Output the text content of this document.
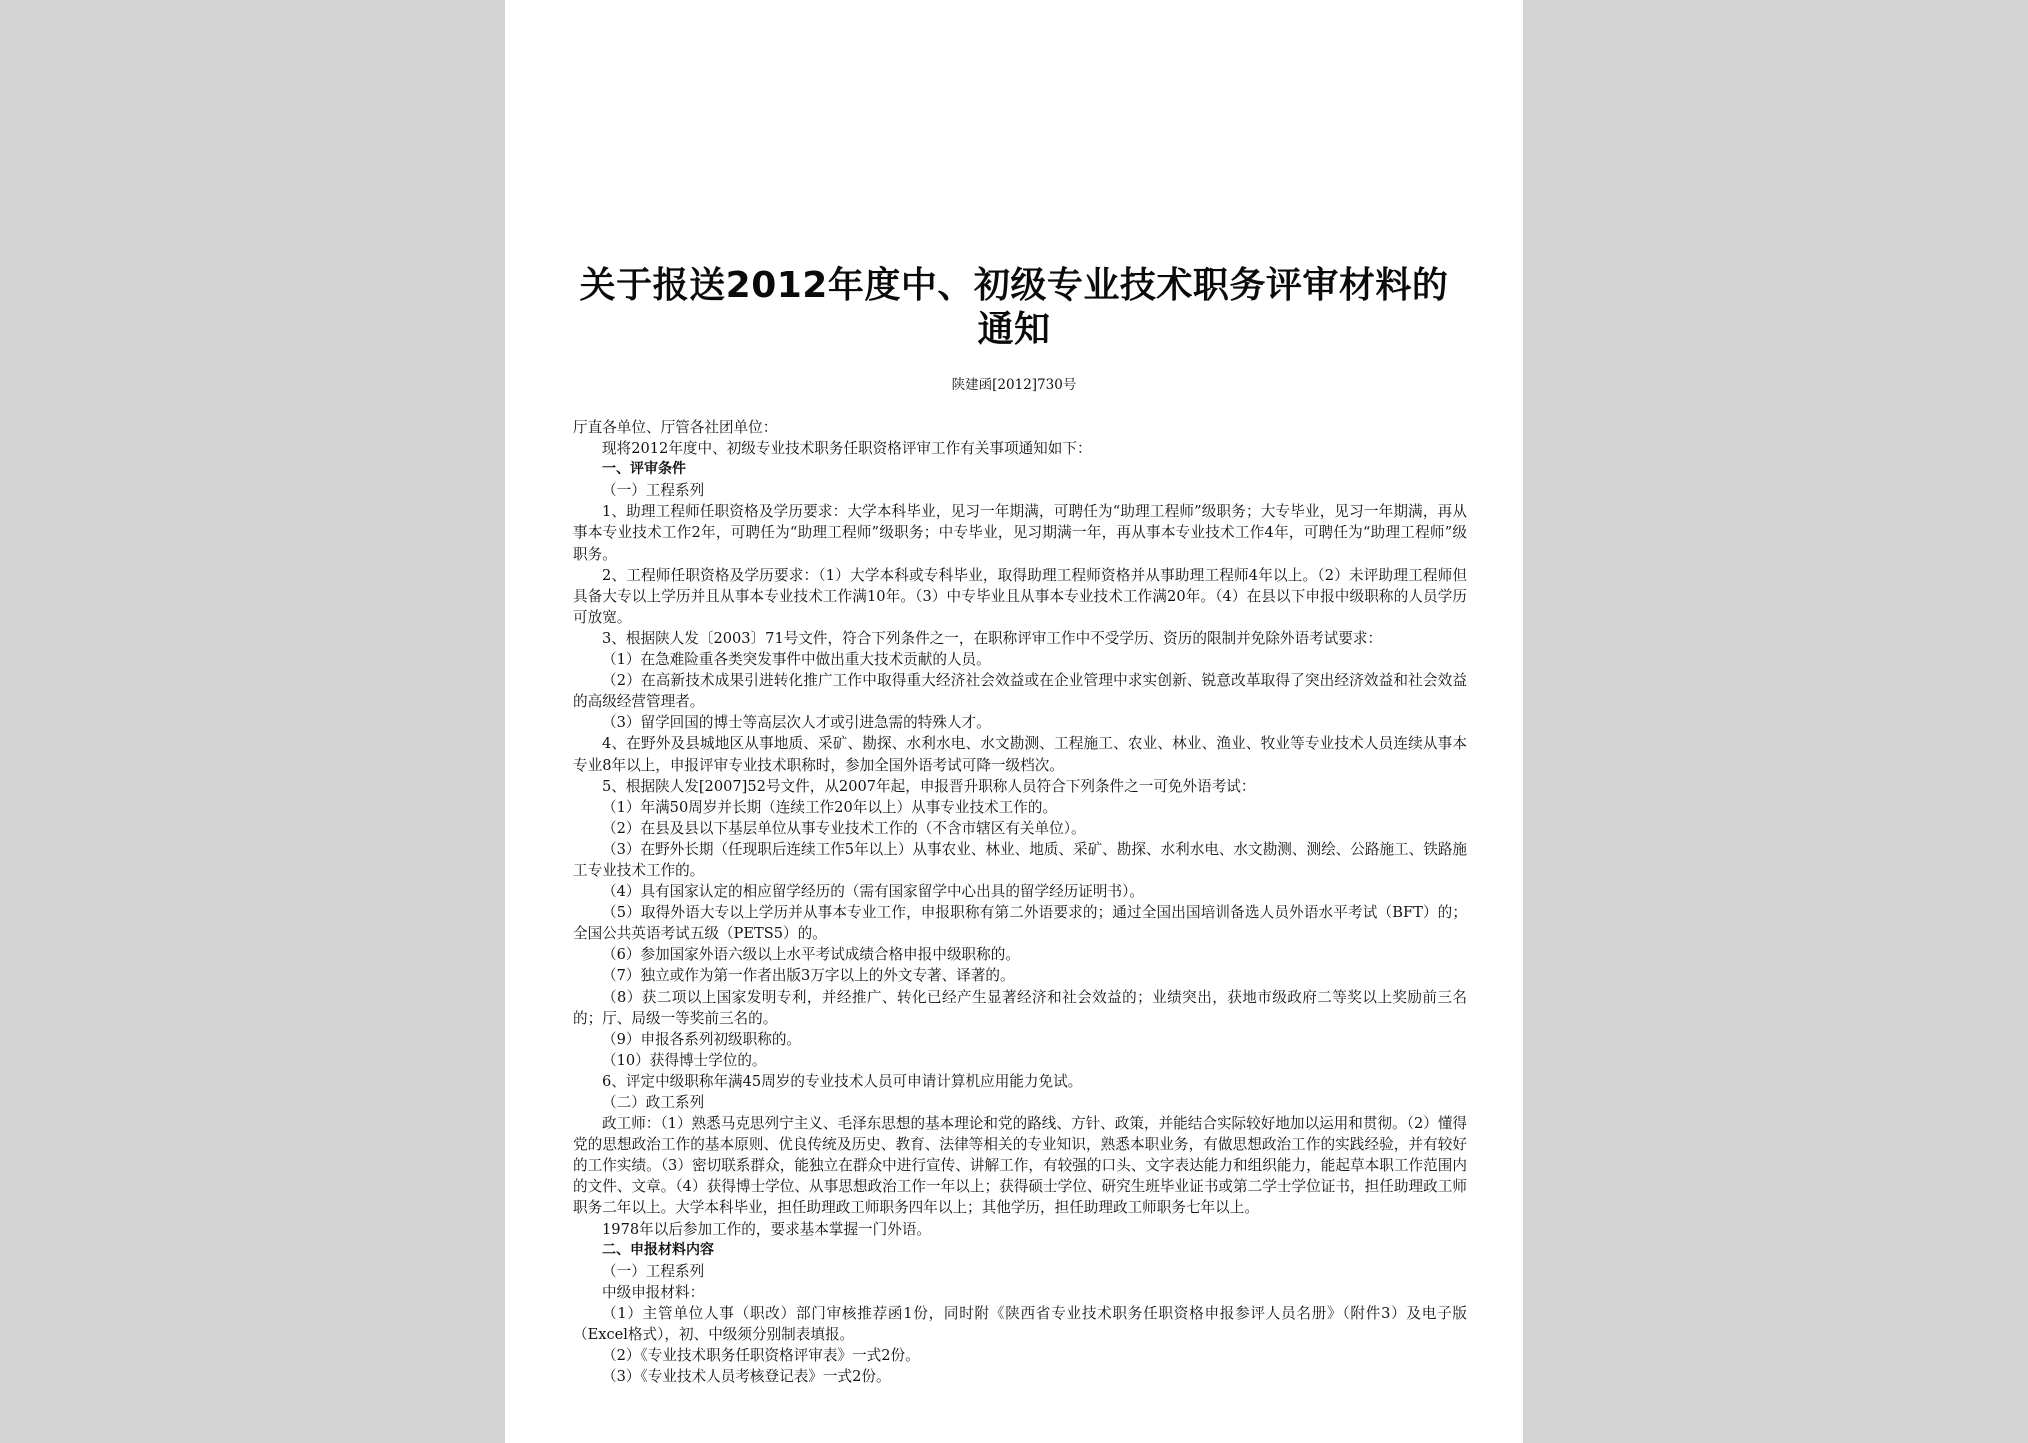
关于报送2012年度中、初级专业技术职务评审材料的通知
陕建函[2012]730号

厅直各单位、厅管各社团单位：

现将2012年度中、初级专业技术职务任职资格评审工作有关事项通知如下：

一、评审条件

（一）工程系列

1、助理工程师任职资格及学历要求：大学本科毕业，见习一年期满，可聘任为“助理工程师”级职务；大专毕业，见习一年期满，再从事本专业技术工作2年，可聘任为“助理工程师”级职务；中专毕业，见习期满一年，再从事本专业技术工作4年，可聘任为“助理工程师”级职务。

2、工程师任职资格及学历要求：（1）大学本科或专科毕业，取得助理工程师资格并从事助理工程师4年以上。（2）未评助理工程师但具备大专以上学历并且从事本专业技术工作满10年。（3）中专毕业且从事本专业技术工作满20年。（4）在县以下申报中级职称的人员学历可放宽。

3、根据陕人发〔2003〕71号文件，符合下列条件之一，在职称评审工作中不受学历、资历的限制并免除外语考试要求：

（1）在急难险重各类突发事件中做出重大技术贡献的人员。

（2）在高新技术成果引进转化推广工作中取得重大经济社会效益或在企业管理中求实创新、锐意改革取得了突出经济效益和社会效益的高级经营管理者。

（3）留学回国的博士等高层次人才或引进急需的特殊人才。

4、在野外及县城地区从事地质、采矿、勘探、水利水电、水文勘测、工程施工、农业、林业、渔业、牧业等专业技术人员连续从事本专业8年以上，申报评审专业技术职称时，参加全国外语考试可降一级档次。

5、根据陕人发[2007]52号文件，从2007年起，申报晋升职称人员符合下列条件之一可免外语考试：

（1）年满50周岁并长期（连续工作20年以上）从事专业技术工作的。

（2）在县及县以下基层单位从事专业技术工作的（不含市辖区有关单位）。

（3）在野外长期（任现职后连续工作5年以上）从事农业、林业、地质、采矿、勘探、水利水电、水文勘测、测绘、公路施工、铁路施工专业技术工作的。

（4）具有国家认定的相应留学经历的（需有国家留学中心出具的留学经历证明书）。

（5）取得外语大专以上学历并从事本专业工作，申报职称有第二外语要求的；通过全国出国培训备选人员外语水平考试（BFT）的；全国公共英语考试五级（PETS5）的。

（6）参加国家外语六级以上水平考试成绩合格申报中级职称的。

（7）独立或作为第一作者出版3万字以上的外文专著、译著的。

（8）获二项以上国家发明专利，并经推广、转化已经产生显著经济和社会效益的；业绩突出，获地市级政府二等奖以上奖励前三名的；厅、局级一等奖前三名的。

（9）申报各系列初级职称的。

（10）获得博士学位的。

6、评定中级职称年满45周岁的专业技术人员可申请计算机应用能力免试。

（二）政工系列

政工师：（1）熟悉马克思列宁主义、毛泽东思想的基本理论和党的路线、方针、政策，并能结合实际较好地加以运用和贯彻。（2）懂得党的思想政治工作的基本原则、优良传统及历史、教育、法律等相关的专业知识，熟悉本职业务，有做思想政治工作的实践经验，并有较好的工作实绩。（3）密切联系群众，能独立在群众中进行宣传、讲解工作，有较强的口头、文字表达能力和组织能力，能起草本职工作范围内的文件、文章。（4）获得博士学位、从事思想政治工作一年以上；获得硕士学位、研究生班毕业证书或第二学士学位证书，担任助理政工师职务二年以上。大学本科毕业，担任助理政工师职务四年以上；其他学历，担任助理政工师职务七年以上。

1978年以后参加工作的，要求基本掌握一门外语。

二、申报材料内容

（一）工程系列

中级申报材料：

（1）主管单位人事（职改）部门审核推荐函1份，同时附《陕西省专业技术职务任职资格申报参评人员名册》（附件3）及电子版（Excel格式），初、中级须分别制表填报。

（2）《专业技术职务任职资格评审表》一式2份。

（3）《专业技术人员考核登记表》一式2份。
